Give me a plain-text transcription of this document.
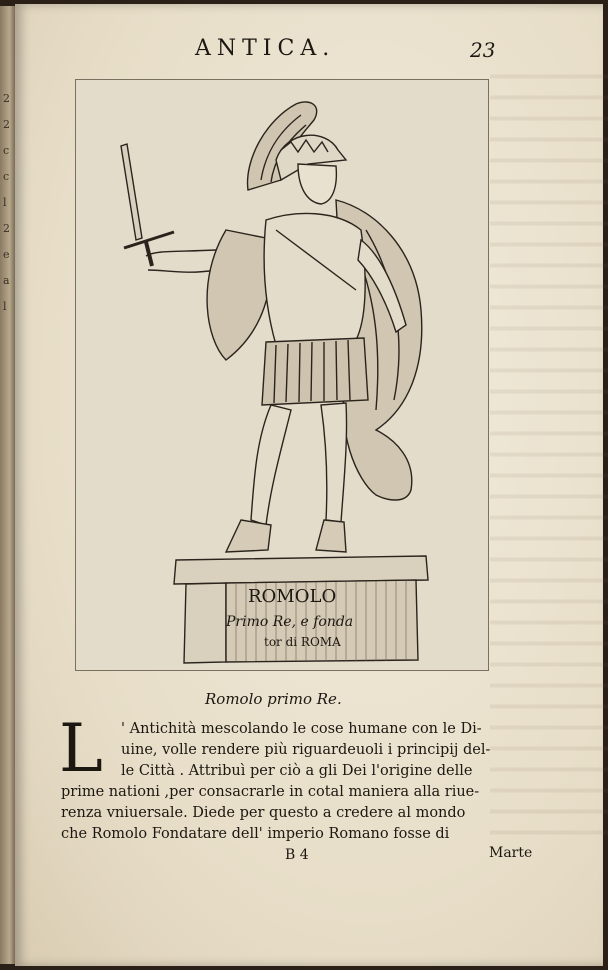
2
2
c
c
l
2
e
a
l
ANTICA.	23
ROMOLO
Primo Re, e fonda
tor di ROMA
Romolo primo Re.
L	' Antichità mescolando le cose humane con le Di-
uine, volle rendere più riguardeuoli i principij del-
le Città . Attribuì per ciò a gli Dei l'origine delle
prime nationi ,per consacrarle in cotal maniera alla riue-
renza vniuersale. Diede per questo a credere al mondo
che Romolo Fondatare dell' imperio Romano fosse di
B 4	Marte
